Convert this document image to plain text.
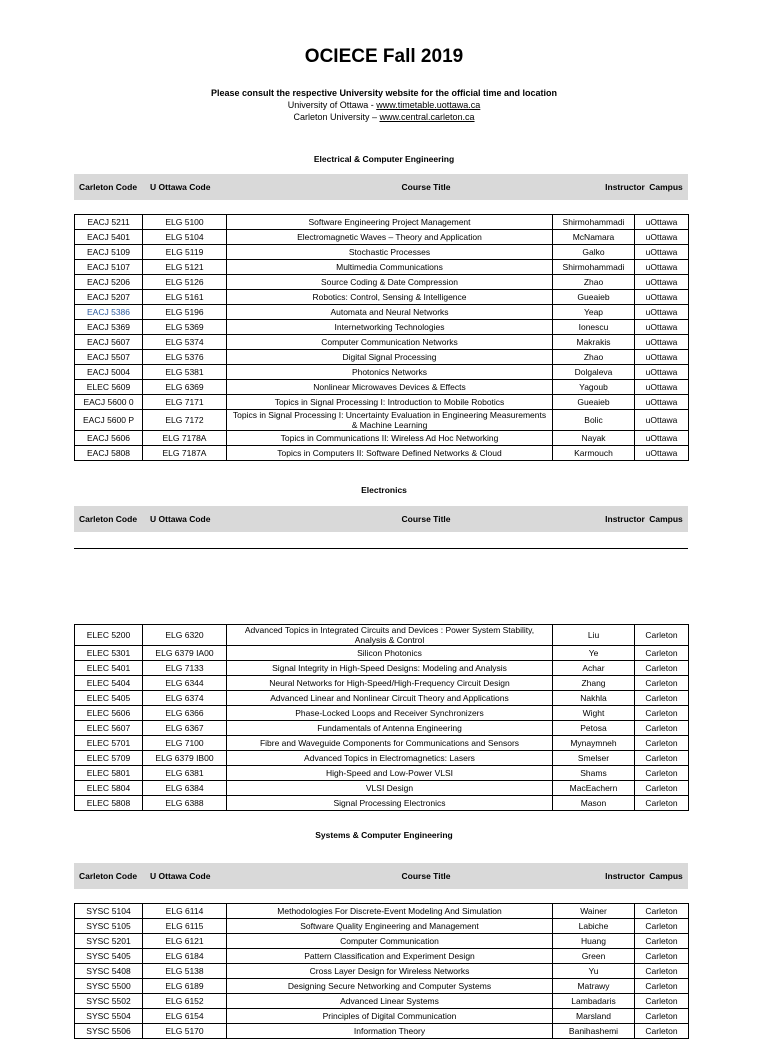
OCIECE Fall 2019
Please consult the respective University website for the official time and location
University of Ottawa - www.timetable.uottawa.ca
Carleton University – www.central.carleton.ca
Electrical & Computer Engineering
Carleton Code	U Ottawa Code	Course Title	Instructor Campus
EACJ 5211	ELG 5100	Software Engineering Project Management	Shirmohammadi	uOttawa
EACJ 5401	ELG 5104	Electromagnetic Waves – Theory and Application	McNamara	uOttawa
EACJ 5109	ELG 5119	Stochastic Processes	Galko	uOttawa
EACJ 5107	ELG 5121	Multimedia Communications	Shirmohammadi	uOttawa
EACJ 5206	ELG 5126	Source Coding & Date Compression	Zhao	uOttawa
EACJ 5207	ELG 5161	Robotics: Control, Sensing & Intelligence	Gueaieb	uOttawa
EACJ 5386	ELG 5196	Automata and Neural Networks	Yeap	uOttawa
EACJ 5369	ELG 5369	Internetworking Technologies	Ionescu	uOttawa
EACJ 5607	ELG 5374	Computer Communication Networks	Makrakis	uOttawa
EACJ 5507	ELG 5376	Digital Signal Processing	Zhao	uOttawa
EACJ 5004	ELG 5381	Photonics Networks	Dolgaleva	uOttawa
ELEC 5609	ELG 6369	Nonlinear Microwaves Devices & Effects	Yagoub	uOttawa
EACJ 5600 0	ELG 7171	Topics in Signal Processing I: Introduction to Mobile Robotics	Gueaieb	uOttawa
EACJ 5600 P	ELG 7172	Topics in Signal Processing I: Uncertainty Evaluation in Engineering Measurements & Machine Learning	Bolic	uOttawa
EACJ 5606	ELG 7178A	Topics in Communications II: Wireless Ad Hoc Networking	Nayak	uOttawa
EACJ 5808	ELG 7187A	Topics in Computers II: Software Defined Networks & Cloud	Karmouch	uOttawa
Electronics
Carleton Code	U Ottawa Code	Course Title	Instructor Campus
ELEC 5200	ELG 6320	Advanced Topics in Integrated Circuits and Devices : Power System Stability, Analysis & Control	Liu	Carleton
ELEC 5301	ELG 6379 IA00	Silicon Photonics	Ye	Carleton
ELEC 5401	ELG 7133	Signal Integrity in High-Speed Designs: Modeling and Analysis	Achar	Carleton
ELEC 5404	ELG 6344	Neural Networks for High-Speed/High-Frequency Circuit Design	Zhang	Carleton
ELEC 5405	ELG 6374	Advanced Linear and Nonlinear Circuit Theory and Applications	Nakhla	Carleton
ELEC 5606	ELG 6366	Phase-Locked Loops and Receiver Synchronizers	Wight	Carleton
ELEC 5607	ELG 6367	Fundamentals of Antenna Engineering	Petosa	Carleton
ELEC 5701	ELG 7100	Fibre and Waveguide Components for Communications and Sensors	Mynaymneh	Carleton
ELEC 5709	ELG 6379 IB00	Advanced Topics in Electromagnetics: Lasers	Smelser	Carleton
ELEC 5801	ELG 6381	High-Speed and Low-Power VLSI	Shams	Carleton
ELEC 5804	ELG 6384	VLSI Design	MacEachern	Carleton
ELEC 5808	ELG 6388	Signal Processing Electronics	Mason	Carleton
Systems & Computer Engineering
Carleton Code	U Ottawa Code	Course Title	Instructor Campus
SYSC 5104	ELG 6114	Methodologies For Discrete-Event Modeling And Simulation	Wainer	Carleton
SYSC 5105	ELG 6115	Software Quality Engineering and Management	Labiche	Carleton
SYSC 5201	ELG 6121	Computer Communication	Huang	Carleton
SYSC 5405	ELG 6184	Pattern Classification and Experiment Design	Green	Carleton
SYSC 5408	ELG 5138	Cross Layer Design for Wireless Networks	Yu	Carleton
SYSC 5500	ELG 6189	Designing Secure Networking and Computer Systems	Matrawy	Carleton
SYSC 5502	ELG 6152	Advanced Linear Systems	Lambadaris	Carleton
SYSC 5504	ELG 6154	Principles of Digital Communication	Marsland	Carleton
SYSC 5506	ELG 5170	Information Theory	Banihashemi	Carleton
